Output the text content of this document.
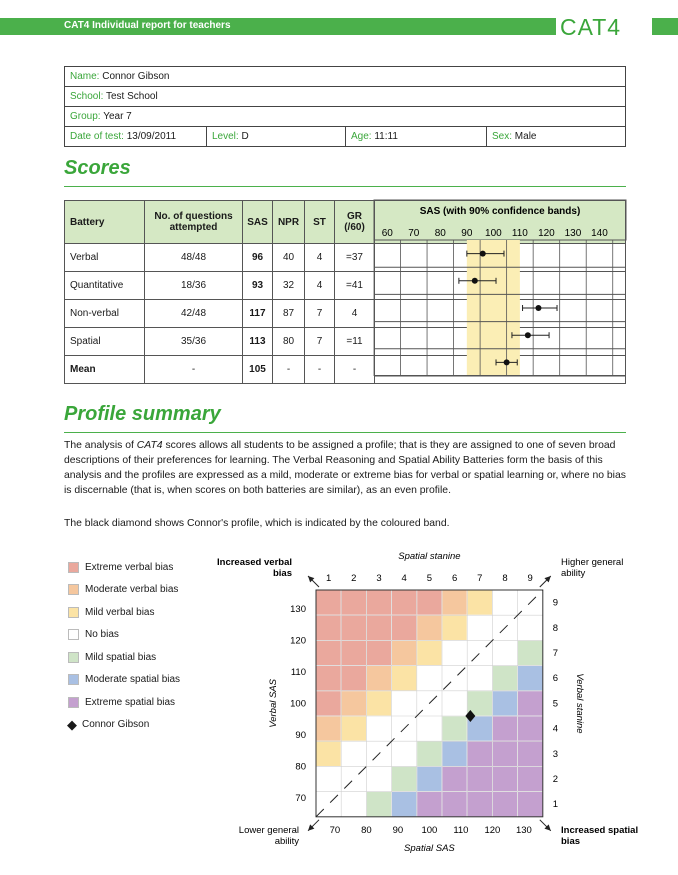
CAT4 Individual report for teachers	CAT4
Name: Connor Gibson
School: Test School
Group: Year 7
Date of test: 13/09/2011	Level: D	Age: 11:11	Sex: Male
Scores
Battery	No. of questions attempted	SAS	NPR	ST	GR (/60)	
Verbal	48/48	96	40	4	=37	
Quantitative	18/36	93	32	4	=41	
Non-verbal	42/48	117	87	7	4	
Spatial	35/36	113	80	7	=11	
Mean	-	105	-	-	-	
SAS (with 90% confidence bands)
60 70 80 90 100 110 120 130 140
Profile summary
The analysis of CAT4 scores allows all students to be assigned a profile; that is they are assigned to one of seven broad descriptions of their preferences for learning. The Verbal Reasoning and Spatial Ability Batteries form the basis of this analysis and the profiles are expressed as a mild, moderate or extreme bias for verbal or spatial learning or, where no bias is discernable (that is, when scores on both batteries are similar), as an even profile.
The black diamond shows Connor's profile, which is indicated by the coloured band.
Extreme verbal bias
Moderate verbal bias
Mild verbal bias
No bias
Mild spatial bias
Moderate spatial bias
Extreme spatial bias
◆ Connor Gibson
1
1
2
2
3
3
4
4
5
5
6
6
7
7
8
8
9
9
70 80 90 100 110 120 130
70
80
90
100
110
120
130
Spatial stanine
Spatial SAS
Verbal SAS	Verbal stanine
Increased verbal bias
Higher general ability
Lower general ability
Increased spatial bias
